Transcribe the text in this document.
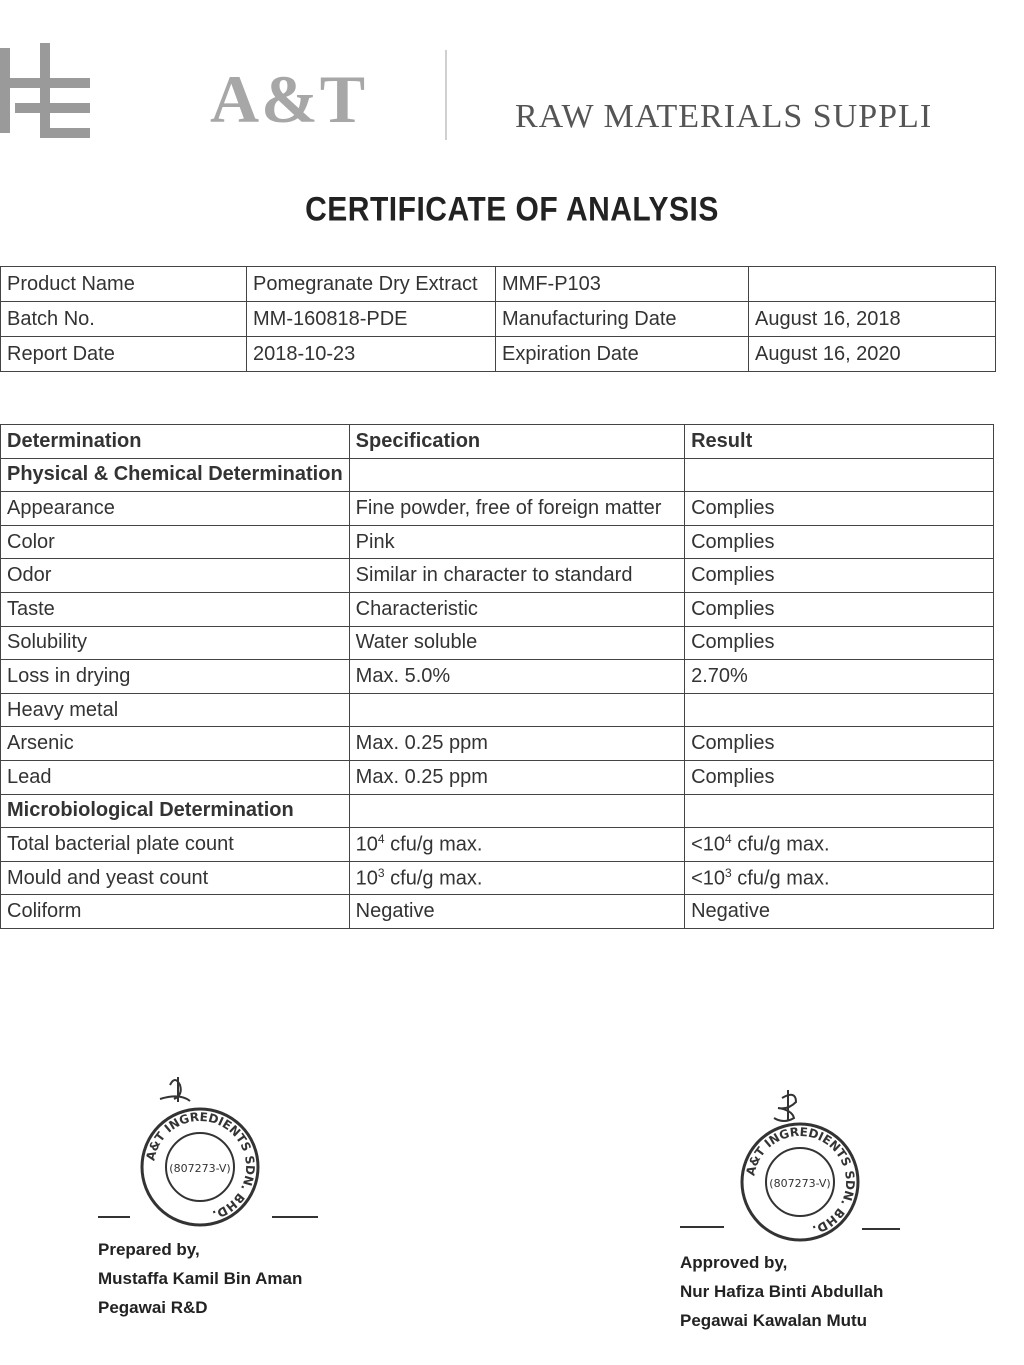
A&T	RAW MATERIALS SUPPLI
CERTIFICATE OF ANALYSIS
Product Name	Pomegranate Dry Extract	MMF-P103	
Batch No.	MM-160818-PDE	Manufacturing Date	August 16, 2018
Report Date	2018-10-23	Expiration Date	August 16, 2020
Determination	Specification	Result
Physical & Chemical Determination		
Appearance	Fine powder, free of foreign matter	Complies
Color	Pink	Complies
Odor	Similar in character to standard	Complies
Taste	Characteristic	Complies
Solubility	Water soluble	Complies
Loss in drying	Max. 5.0%	2.70%
Heavy metal		
Arsenic	Max. 0.25 ppm	Complies
Lead	Max. 0.25 ppm	Complies
Microbiological Determination		
Total bacterial plate count	$10^4$ cfu/g max.	$<10^4$ cfu/g max.
Mould and yeast count	$10^3$ cfu/g max.	$<10^3$ cfu/g max.
Coliform	Negative	Negative
A&T INGREDIENTS SDN. BHD.
(807273-V)
Prepared by,
Mustaffa Kamil Bin Aman
Pegawai R&D
A&T INGREDIENTS SDN. BHD.
(807273-V)
Approved by,
Nur Hafiza Binti Abdullah
Pegawai Kawalan Mutu
